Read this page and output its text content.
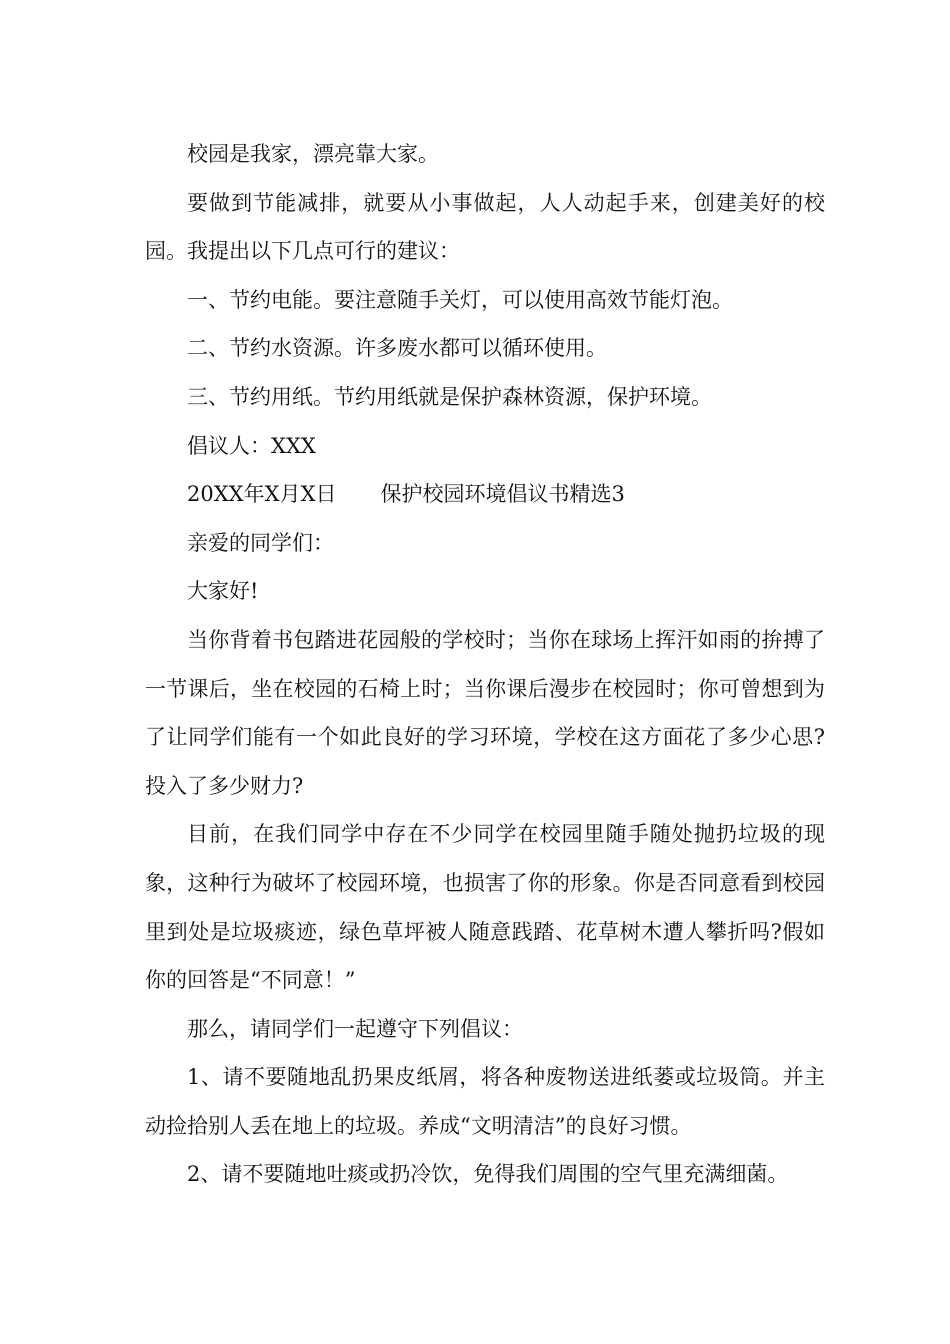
校园是我家，漂亮靠大家。

要做到节能减排，就要从小事做起，人人动起手来，创建美好的校园。我提出以下几点可行的建议：

一、节约电能。要注意随手关灯，可以使用高效节能灯泡。

二、节约水资源。许多废水都可以循环使用。

三、节约用纸。节约用纸就是保护森林资源，保护环境。

倡议人：XXX

20XX年X月X日 保护校园环境倡议书精选3

亲爱的同学们：

大家好!

当你背着书包踏进花园般的学校时；当你在球场上挥汗如雨的拚搏了一节课后，坐在校园的石椅上时；当你课后漫步在校园时；你可曾想到为了让同学们能有一个如此良好的学习环境，学校在这方面花了多少心思?投入了多少财力?

目前，在我们同学中存在不少同学在校园里随手随处抛扔垃圾的现象，这种行为破坏了校园环境，也损害了你的形象。你是否同意看到校园里到处是垃圾痰迹，绿色草坪被人随意践踏、花草树木遭人攀折吗?假如你的回答是“不同意！”

那么，请同学们一起遵守下列倡议：

1、请不要随地乱扔果皮纸屑，将各种废物送进纸蒌或垃圾筒。并主动捡拾别人丢在地上的垃圾。养成“文明清洁”的良好习惯。

2、请不要随地吐痰或扔冷饮，免得我们周围的空气里充满细菌。
